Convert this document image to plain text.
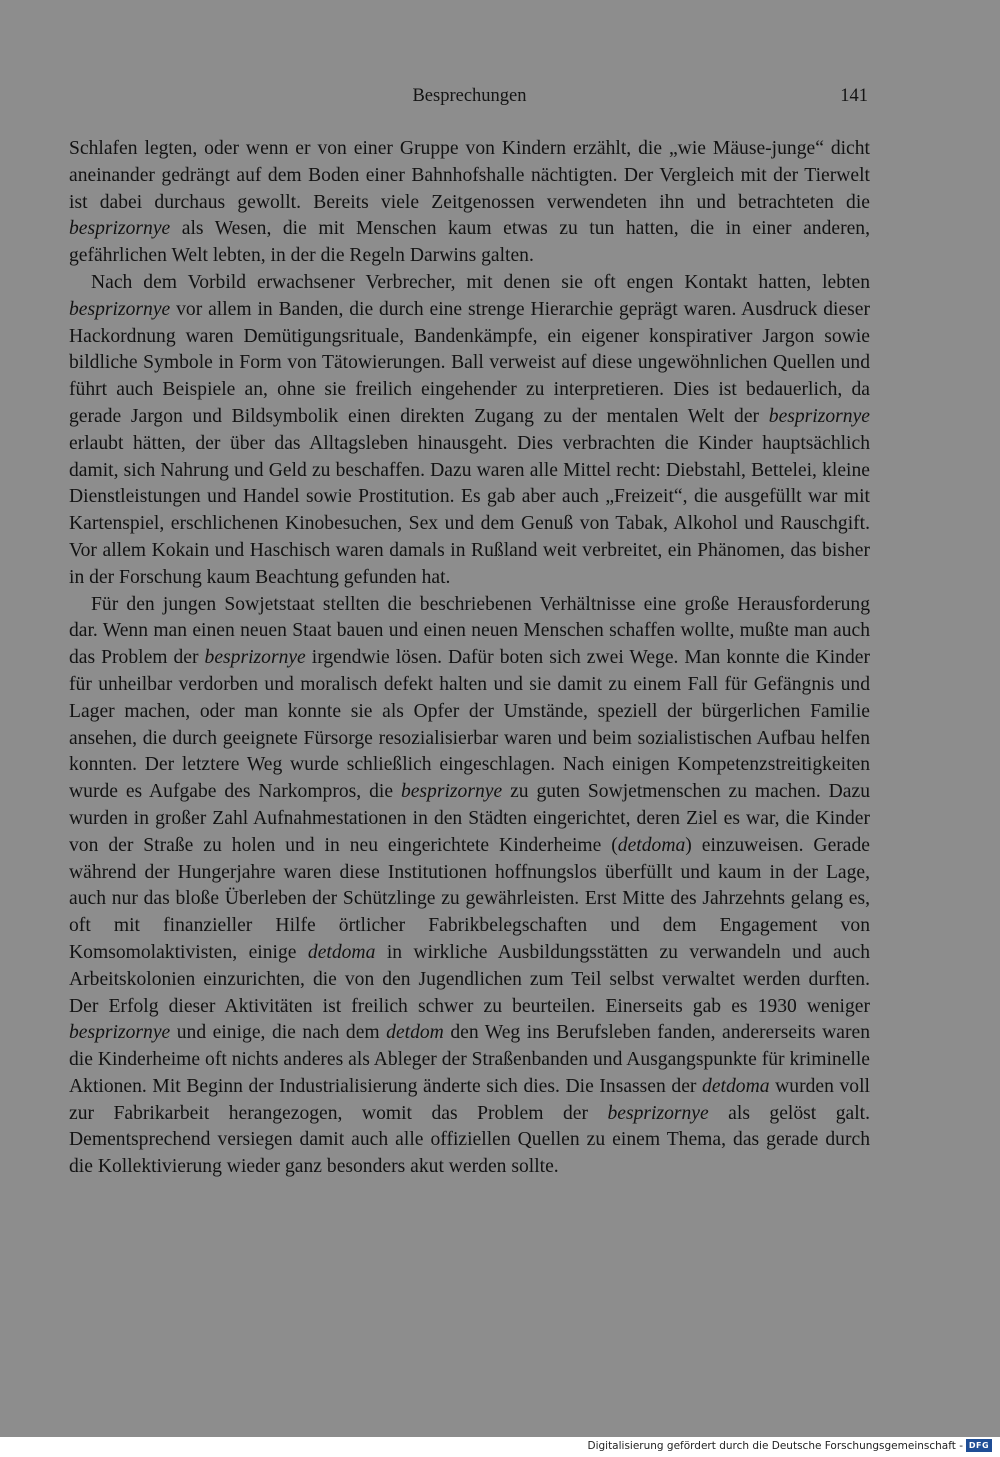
Besprechungen	141

Schlafen legten, oder wenn er von einer Gruppe von Kindern erzählt, die „wie Mäuse-junge“ dicht aneinander gedrängt auf dem Boden einer Bahnhofshalle nächtigten. Der Vergleich mit der Tierwelt ist dabei durchaus gewollt. Bereits viele Zeitgenossen verwendeten ihn und betrachteten die besprizornye als Wesen, die mit Menschen kaum etwas zu tun hatten, die in einer anderen, gefährlichen Welt lebten, in der die Regeln Darwins galten.

Nach dem Vorbild erwachsener Verbrecher, mit denen sie oft engen Kontakt hatten, lebten besprizornye vor allem in Banden, die durch eine strenge Hierarchie geprägt waren. Ausdruck dieser Hackordnung waren Demütigungsrituale, Bandenkämpfe, ein eigener konspirativer Jargon sowie bildliche Symbole in Form von Tätowierungen. Ball verweist auf diese ungewöhnlichen Quellen und führt auch Beispiele an, ohne sie freilich eingehender zu interpretieren. Dies ist bedauerlich, da gerade Jargon und Bildsymbolik einen direkten Zugang zu der mentalen Welt der besprizornye erlaubt hätten, der über das Alltagsleben hinausgeht. Dies verbrachten die Kinder hauptsächlich damit, sich Nahrung und Geld zu beschaffen. Dazu waren alle Mittel recht: Diebstahl, Bettelei, kleine Dienstleistungen und Handel sowie Prostitution. Es gab aber auch „Freizeit“, die ausgefüllt war mit Kartenspiel, erschlichenen Kinobesuchen, Sex und dem Genuß von Tabak, Alkohol und Rauschgift. Vor allem Kokain und Haschisch waren damals in Rußland weit verbreitet, ein Phänomen, das bisher in der Forschung kaum Beachtung gefunden hat.

Für den jungen Sowjetstaat stellten die beschriebenen Verhältnisse eine große Herausforderung dar. Wenn man einen neuen Staat bauen und einen neuen Menschen schaffen wollte, mußte man auch das Problem der besprizornye irgendwie lösen. Dafür boten sich zwei Wege. Man konnte die Kinder für unheilbar verdorben und moralisch defekt halten und sie damit zu einem Fall für Gefängnis und Lager machen, oder man konnte sie als Opfer der Umstände, speziell der bürgerlichen Familie ansehen, die durch geeignete Fürsorge resozialisierbar waren und beim sozialistischen Aufbau helfen konnten. Der letztere Weg wurde schließlich eingeschlagen. Nach einigen Kompetenzstreitigkeiten wurde es Aufgabe des Narkompros, die besprizornye zu guten Sowjetmenschen zu machen. Dazu wurden in großer Zahl Aufnahmestationen in den Städten eingerichtet, deren Ziel es war, die Kinder von der Straße zu holen und in neu eingerichtete Kinderheime (detdoma) einzuweisen. Gerade während der Hungerjahre waren diese Institutionen hoffnungslos überfüllt und kaum in der Lage, auch nur das bloße Überleben der Schützlinge zu gewährleisten. Erst Mitte des Jahrzehnts gelang es, oft mit finanzieller Hilfe örtlicher Fabrikbelegschaften und dem Engagement von Komsomolaktivisten, einige detdoma in wirkliche Ausbildungsstätten zu verwandeln und auch Arbeitskolonien einzurichten, die von den Jugendlichen zum Teil selbst verwaltet werden durften. Der Erfolg dieser Aktivitäten ist freilich schwer zu beurteilen. Einerseits gab es 1930 weniger besprizornye und einige, die nach dem detdom den Weg ins Berufsleben fanden, andererseits waren die Kinderheime oft nichts anderes als Ableger der Straßenbanden und Ausgangspunkte für kriminelle Aktionen. Mit Beginn der Industrialisierung änderte sich dies. Die Insassen der detdoma wurden voll zur Fabrikarbeit herangezogen, womit das Problem der besprizornye als gelöst galt. Dementsprechend versiegen damit auch alle offiziellen Quellen zu einem Thema, das gerade durch die Kollektivierung wieder ganz besonders akut werden sollte.

Digitalisierung gefördert durch die Deutsche Forschungsgemeinschaft - DFG
